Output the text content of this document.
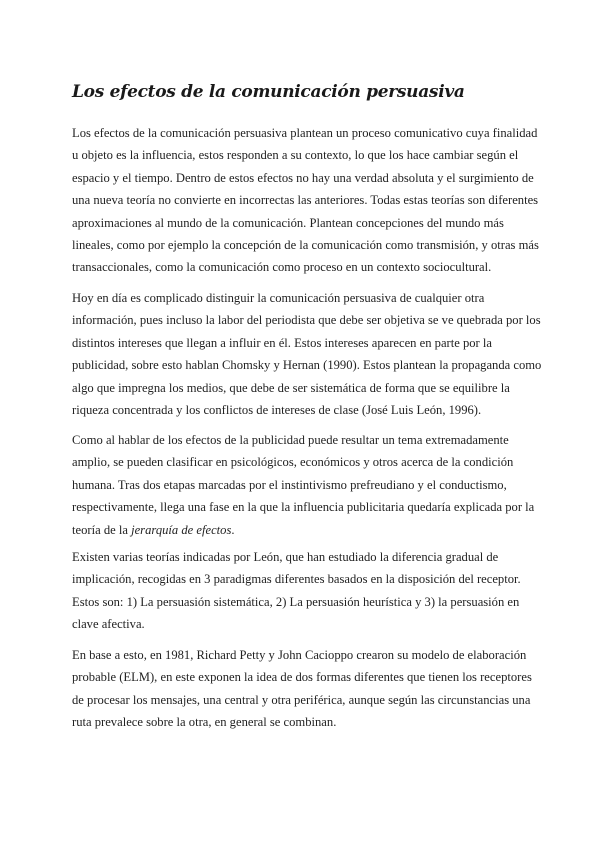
Los efectos de la comunicación persuasiva
Los efectos de la comunicación persuasiva plantean un proceso comunicativo cuya finalidad
u objeto es la influencia, estos responden a su contexto, lo que los hace cambiar según el
espacio y el tiempo. Dentro de estos efectos no hay una verdad absoluta y el surgimiento de
una nueva teoría no convierte en incorrectas las anteriores. Todas estas teorías son diferentes
aproximaciones al mundo de la comunicación. Plantean concepciones del mundo más
lineales, como por ejemplo la concepción de la comunicación como transmisión, y otras más
transaccionales, como la comunicación como proceso en un contexto sociocultural.
Hoy en día es complicado distinguir la comunicación persuasiva de cualquier otra
información, pues incluso la labor del periodista que debe ser objetiva se ve quebrada por los
distintos intereses que llegan a influir en él. Estos intereses aparecen en parte por la
publicidad, sobre esto hablan Chomsky y Hernan (1990). Estos plantean la propaganda como
algo que impregna los medios, que debe de ser sistemática de forma que se equilibre la
riqueza concentrada y los conflictos de intereses de clase (José Luis León, 1996).
Como al hablar de los efectos de la publicidad puede resultar un tema extremadamente
amplio, se pueden clasificar en psicológicos, económicos y otros acerca de la condición
humana. Tras dos etapas marcadas por el instintivismo prefreudiano y el conductismo,
respectivamente, llega una fase en la que la influencia publicitaria quedaría explicada por la
teoría de la jerarquía de efectos.
Existen varias teorías indicadas por León, que han estudiado la diferencia gradual de
implicación, recogidas en 3 paradigmas diferentes basados en la disposición del receptor.
Estos son: 1) La persuasión sistemática, 2) La persuasión heurística y 3) la persuasión en
clave afectiva.
En base a esto, en 1981, Richard Petty y John Cacioppo crearon su modelo de elaboración
probable (ELM), en este exponen la idea de dos formas diferentes que tienen los receptores
de procesar los mensajes, una central y otra periférica, aunque según las circunstancias una
ruta prevalece sobre la otra, en general se combinan.
